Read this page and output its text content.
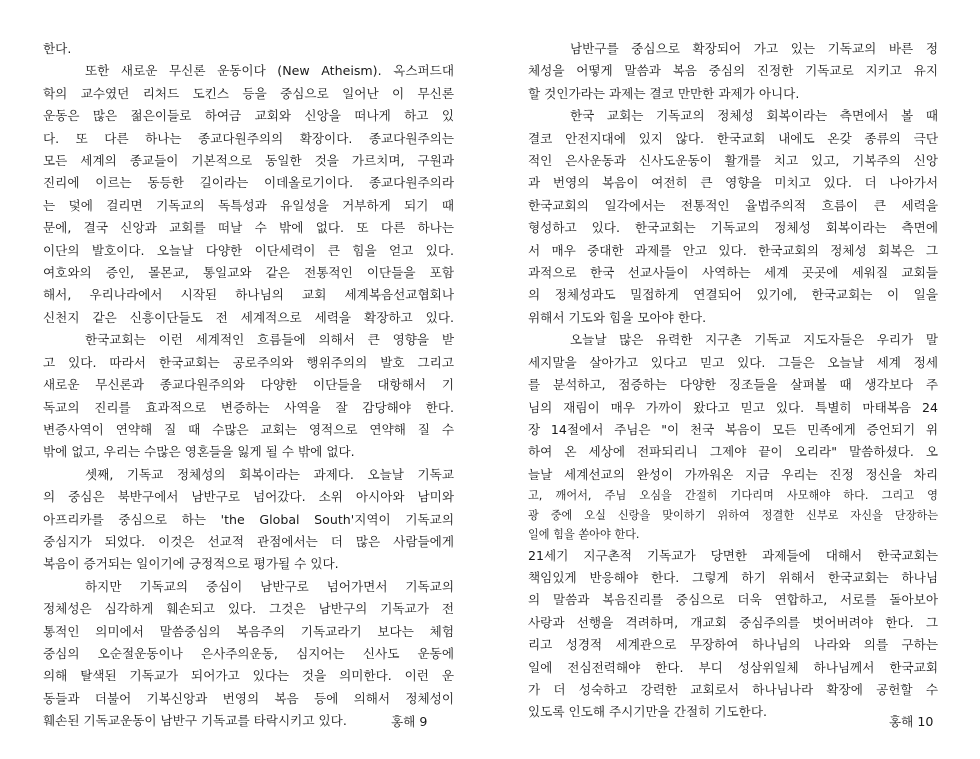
한다.
또한 새로운 무신론 운동이다 (New Atheism). 옥스퍼드대
학의 교수였던 리처드 도킨스 등을 중심으로 일어난 이 무신론
운동은 많은 젊은이들로 하여금 교회와 신앙을 떠나게 하고 있
다. 또 다른 하나는 종교다원주의의 확장이다. 종교다원주의는
모든 세계의 종교들이 기본적으로 동일한 것을 가르치며, 구원과
진리에 이르는 동등한 길이라는 이데올로기이다. 종교다원주의라
는 덫에 걸리면 기독교의 독특성과 유일성을 거부하게 되기 때
문에, 결국 신앙과 교회를 떠날 수 밖에 없다. 또 다른 하나는
이단의 발호이다. 오늘날 다양한 이단세력이 큰 힘을 얻고 있다.
여호와의 증인, 몰몬교, 통일교와 같은 전통적인 이단들을 포함
해서, 우리나라에서 시작된 하나님의 교회 세계복음선교협회나
신천지 같은 신흥이단들도 전 세계적으로 세력을 확장하고 있다.
한국교회는 이런 세계적인 흐름들에 의해서 큰 영향을 받
고 있다. 따라서 한국교회는 공로주의와 행위주의의 발호 그리고
새로운 무신론과 종교다원주의와 다양한 이단들을 대항해서 기
독교의 진리를 효과적으로 변증하는 사역을 잘 감당해야 한다.
변증사역이 연약해 질 때 수많은 교회는 영적으로 연약해 질 수
밖에 없고, 우리는 수많은 영혼들을 잃게 될 수 밖에 없다.
셋째, 기독교 정체성의 회복이라는 과제다. 오늘날 기독교
의 중심은 북반구에서 남반구로 넘어갔다. 소위 아시아와 남미와
아프리카를 중심으로 하는 'the Global South'지역이 기독교의
중심지가 되었다. 이것은 선교적 관점에서는 더 많은 사람들에게
복음이 증거되는 일이기에 긍정적으로 평가될 수 있다.
하지만 기독교의 중심이 남반구로 넘어가면서 기독교의
정체성은 심각하게 훼손되고 있다. 그것은 남반구의 기독교가 전
통적인 의미에서 말씀중심의 복음주의 기독교라기 보다는 체험
중심의 오순절운동이나 은사주의운동, 심지어는 신사도 운동에
의해 탈색된 기독교가 되어가고 있다는 것을 의미한다. 이런 운
동들과 더불어 기복신앙과 번영의 복음 등에 의해서 정체성이
훼손된 기독교운동이 남반구 기독교를 타락시키고 있다.	홍해 9
남반구를 중심으로 확장되어 가고 있는 기독교의 바른 정
체성을 어떻게 말씀과 복음 중심의 진정한 기독교로 지키고 유지
할 것인가라는 과제는 결코 만만한 과제가 아니다.
한국 교회는 기독교의 정체성 회복이라는 측면에서 볼 때
결코 안전지대에 있지 않다. 한국교회 내에도 온갖 종류의 극단
적인 은사운동과 신사도운동이 활개를 치고 있고, 기복주의 신앙
과 번영의 복음이 여전히 큰 영향을 미치고 있다. 더 나아가서
한국교회의 일각에서는 전통적인 율법주의적 흐름이 큰 세력을
형성하고 있다. 한국교회는 기독교의 정체성 회복이라는 측면에
서 매우 중대한 과제를 안고 있다. 한국교회의 정체성 회복은 그
과적으로 한국 선교사들이 사역하는 세계 곳곳에 세워질 교회들
의 정체성과도 밀접하게 연결되어 있기에, 한국교회는 이 일을
위해서 기도와 힘을 모아야 한다.
오늘날 많은 유력한 지구촌 기독교 지도자들은 우리가 말
세지말을 살아가고 있다고 믿고 있다. 그들은 오늘날 세계 정세
를 분석하고, 점증하는 다양한 징조들을 살펴볼 때 생각보다 주
님의 재림이 매우 가까이 왔다고 믿고 있다. 특별히 마태복음 24
장 14절에서 주님은 "이 천국 복음이 모든 민족에게 증언되기 위
하여 온 세상에 전파되리니 그제야 끝이 오리라" 말씀하셨다. 오
늘날 세계선교의 완성이 가까워온 지금 우리는 진정 정신을 차리
고, 깨어서, 주님 오심을 간절히 기다리며 사모해야 하다. 그리고 영
광 중에 오실 신랑을 맞이하기 위하여 정결한 신부로 자신을 단장하는
일에 힘을 쏟아야 한다.
21세기 지구촌적 기독교가 당면한 과제들에 대해서 한국교회는
책임있게 반응해야 한다. 그렇게 하기 위해서 한국교회는 하나님
의 말씀과 복음진리를 중심으로 더욱 연합하고, 서로를 돌아보아
사랑과 선행을 격려하며, 개교회 중심주의를 벗어버려야 한다. 그
리고 성경적 세계관으로 무장하여 하나님의 나라와 의를 구하는
일에 전심전력해야 한다. 부디 성삼위일체 하나님께서 한국교회
가 더 성숙하고 강력한 교회로서 하나님나라 확장에 공헌할 수
있도록 인도해 주시기만을 간절히 기도한다.
홍해 10
